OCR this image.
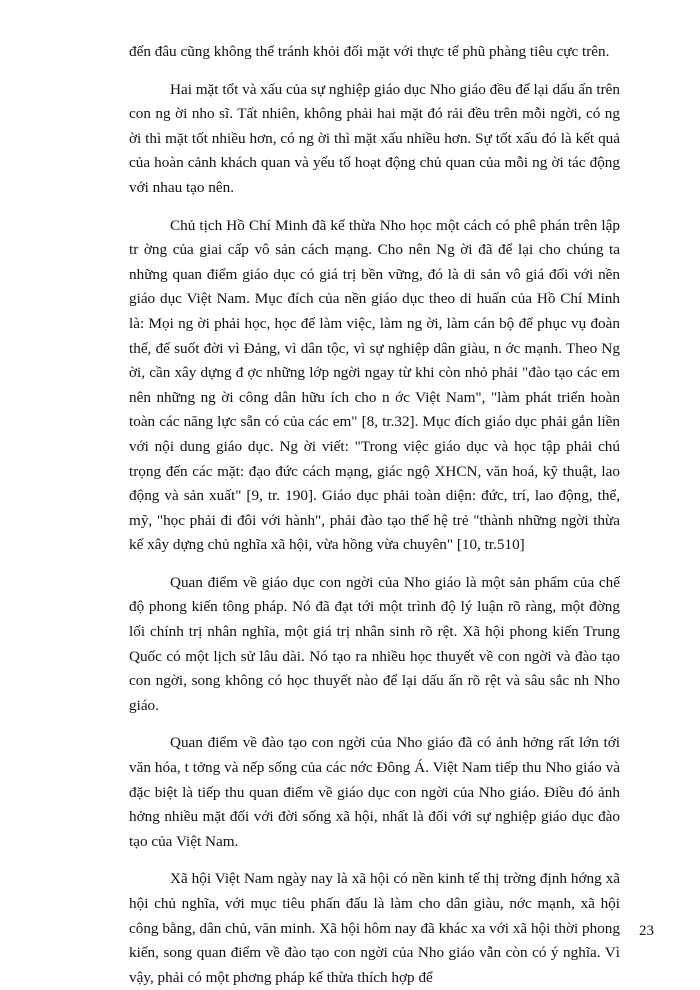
đến đâu cũng không thể tránh khỏi đối mặt với thực tế phũ phàng tiêu cực trên.

Hai mặt tốt và xấu của sự nghiệp giáo dục Nho giáo đều để lại dấu ấn trên con ng ời nho sĩ. Tất nhiên, không phải hai mặt đó rải đều trên mỗi ngời, có ng ời thì mặt tốt nhiều hơn, có ng ời thì mặt xấu nhiều hơn. Sự tốt xấu đó là kết quả của hoàn cảnh khách quan và yếu tố hoạt động chủ quan của mỗi ng ời tác động với nhau tạo nên.

Chủ tịch Hồ Chí Minh đã kế thừa Nho học một cách có phê phán trên lập tr ờng của giai cấp vô sản cách mạng. Cho nên Ng ời đã để lại cho chúng ta những quan điểm giáo dục có giá trị bền vững, đó là di sản vô giá đối với nền giáo dục Việt Nam. Mục đích của nền giáo dục theo di huấn của Hồ Chí Minh là: Mọi ng ời phải học, học để làm việc, làm ng ời, làm cán bộ để phục vụ đoàn thể, để suốt đời vì Đảng, vì dân tộc, vì sự nghiệp dân giàu, n ớc mạnh. Theo Ng ời, cần xây dựng đ ợc những lớp ngời ngay từ khi còn nhỏ phải "đào tạo các em nên những ng ời công dân hữu ích cho n ớc Việt Nam", "làm phát triển hoàn toàn các năng lực sẵn có của các em" [8, tr.32]. Mục đích giáo dục phải gắn liền với nội dung giáo dục. Ng ời viết: "Trong việc giáo dục và học tập phải chú trọng đến các mặt: đạo đức cách mạng, giác ngộ XHCN, văn hoá, kỹ thuật, lao động và sản xuất" [9, tr. 190]. Giáo dục phải toàn diện: đức, trí, lao động, thể, mỹ, "học phải đi đôi với hành", phải đào tạo thế hệ trẻ "thành những ngời thừa kế xây dựng chủ nghĩa xã hội, vừa hồng vừa chuyên" [10, tr.510]

Quan điểm về giáo dục con ngời của Nho giáo là một sản phẩm của chế độ phong kiến tông pháp. Nó đã đạt tới một trình độ lý luận rõ ràng, một đờng lối chính trị nhân nghĩa, một giá trị nhân sinh rõ rệt. Xã hội phong kiến Trung Quốc có một lịch sử lâu dài. Nó tạo ra nhiều học thuyết về con ngời và đào tạo con ngời, song không có học thuyết nào để lại dấu ấn rõ rệt và sâu sắc nh Nho giáo.

Quan điểm về đào tạo con ngời của Nho giáo đã có ảnh hởng rất lớn tới văn hóa, t tởng và nếp sống của các nớc Đông Á. Việt Nam tiếp thu Nho giáo và đặc biệt là tiếp thu quan điểm về giáo dục con ngời của Nho giáo. Điều đó ảnh hởng nhiều mặt đối với đời sống xã hội, nhất là đối với sự nghiệp giáo dục đào tạo của Việt Nam.

Xã hội Việt Nam ngày nay là xã hội có nền kinh tế thị trờng định hớng xã hội chủ nghĩa, với mục tiêu phấn đấu là làm cho dân giàu, nớc mạnh, xã hội công bằng, dân chủ, văn minh. Xã hội hôm nay đã khác xa với xã hội thời phong kiến, song quan điểm về đào tạo con ngời của Nho giáo vẫn còn có ý nghĩa. Vì vậy, phải có một phơng pháp kế thừa thích hợp để

23
